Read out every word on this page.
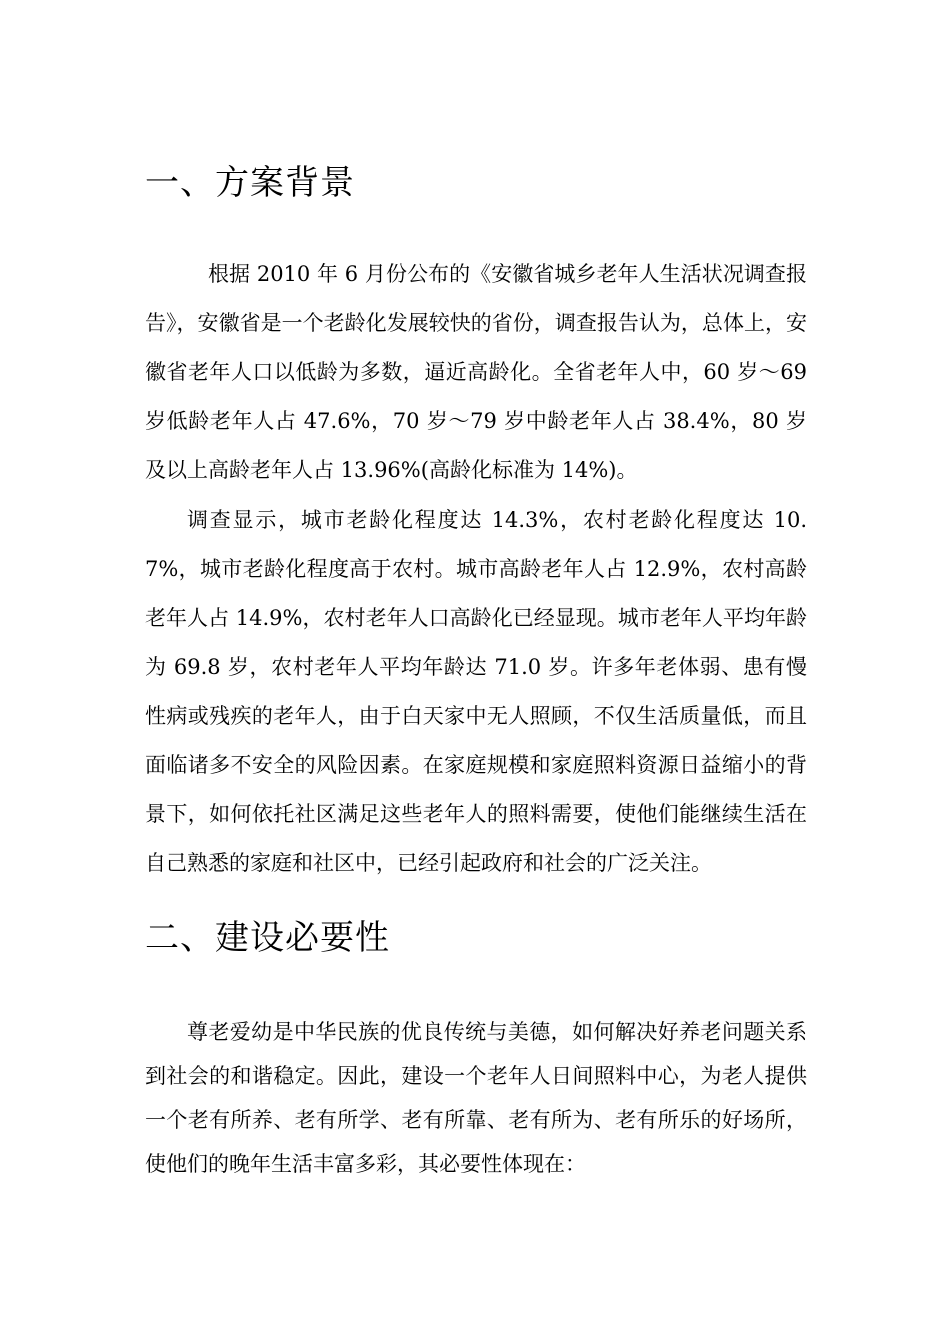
一、方案背景

根据 2010 年 6 月份公布的《安徽省城乡老年人生活状况调查报告》，安徽省是一个老龄化发展较快的省份，调查报告认为，总体上，安徽省老年人口以低龄为多数，逼近高龄化。全省老年人中，60 岁～69 岁低龄老年人占 47.6%，70 岁～79 岁中龄老年人占 38.4%，80 岁及以上高龄老年人占 13.96%(高龄化标准为 14%)。

调查显示，城市老龄化程度达 14.3%，农村老龄化程度达 10.7%，城市老龄化程度高于农村。城市高龄老年人占 12.9%，农村高龄老年人占 14.9%，农村老年人口高龄化已经显现。城市老年人平均年龄为 69.8 岁，农村老年人平均年龄达 71.0 岁。许多年老体弱、患有慢性病或残疾的老年人，由于白天家中无人照顾，不仅生活质量低，而且面临诸多不安全的风险因素。在家庭规模和家庭照料资源日益缩小的背景下，如何依托社区满足这些老年人的照料需要，使他们能继续生活在自己熟悉的家庭和社区中，已经引起政府和社会的广泛关注。

二、建设必要性

尊老爱幼是中华民族的优良传统与美德，如何解决好养老问题关系到社会的和谐稳定。因此，建设一个老年人日间照料中心，为老人提供一个老有所养、老有所学、老有所靠、老有所为、老有所乐的好场所，使他们的晚年生活丰富多彩，其必要性体现在：
